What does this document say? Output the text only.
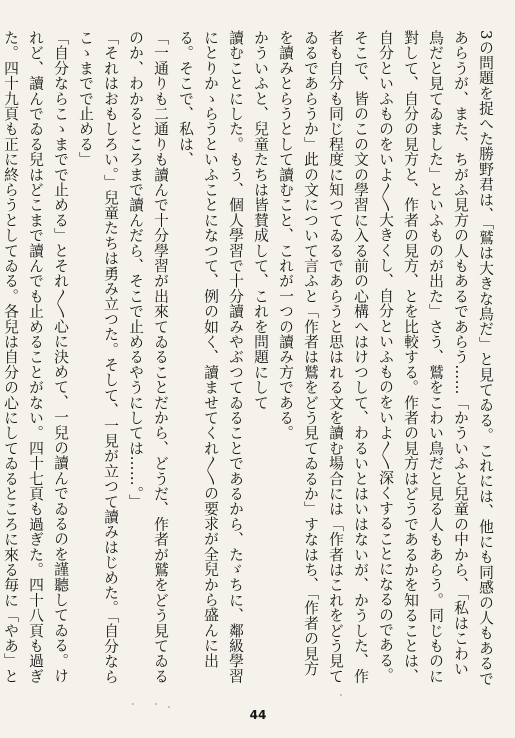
3の問題を捉へた勝野君は、「鷲は大きな鳥だ」と見てゐる。これには、他にも同感の人もあるであらうが、また、ちがふ見方の人もあるであらう……「かういふと兒童の中から、「私はこわい鳥だと見てゐました」といふものが出た」さう、鷲をこわい鳥だと見る人もあらう。同じものに對して、自分の見方と、作者の見方、とを比較する。作者の見方はどうであるかを知ることは、自分といふものをいよ〳〵大きくし、自分といふものをいよ〳〵深くすることになるのである。そこで、皆のこの文の學習に入る前の心構へはけつして、わるいとはいはないが、かうした、作者も自分も同じ程度に知つてゐるであらうと思はれる文を讀む場合には「作者はこれをどう見てゐるであらうか」此の文について言ふと「作者は鷲をどう見てゐるか」すなはち、「作者の見方を讀みとらうとして讀むこと、これが一つの讀み方である。
かういふと、兒童たちは皆賛成して、これを問題にして
讀むことにした。もう、個人學習で十分讀みやぶつてゐることであるから、たゞちに、鄰級學習にとりかゝらうといふことになつて、例の如く、讀ませてくれ〳〵の要求が全兒から盛んに出る。そこで、私は、
「一通りも二通りも讀んで十分學習が出來てゐることだから、どうだ、作者が鷲をどう見てゐるのか、わかるところまで讀んだら、そこで止めるやうにしては……。」
「それはおもしろい。」兒童たちは勇み立つた。そして、一見が立つて讀みはじめた。「自分ならこゝまでで止める」
「自分ならこゝまでで止める」とそれ〳〵心に決めて、一兒の讀んでゐるのを謹聽してゐる。けれど、讀んでゐる兒はどこまで讀んでも止めることがない。四十七頁も過ぎた。四十八頁も過ぎた。四十九頁も正に終らうとしてゐる。各兒は自分の心にしてゐるところに來る毎に「やあ」と
44
